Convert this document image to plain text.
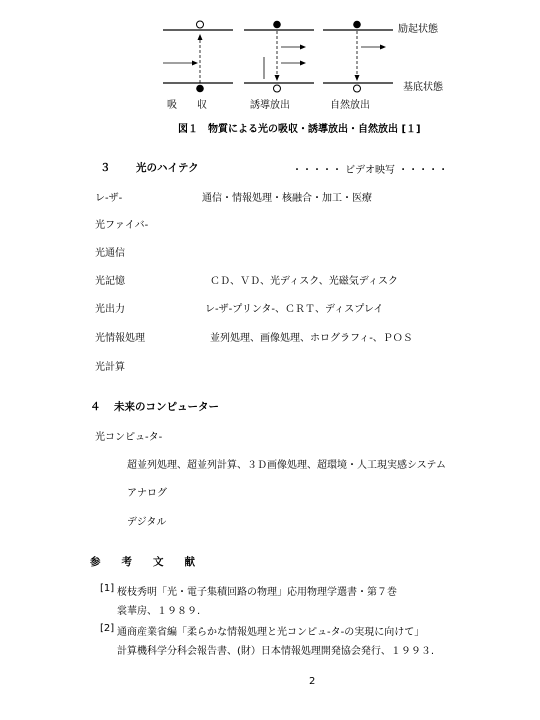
励起状態
基底状態
吸　　収	誘導放出	自然放出
図１　物質による光の吸収・誘導放出・自然放出 [１]
３ 光のハイテク	・・・・・ ビデオ映写 ・・・・・
レ‐ザ‐	通信・情報処理・核融合・加工・医療
光ファイバ‐
光通信
光記憶	ＣＤ、ＶＤ、光ディスク、光磁気ディスク
光出力	レ‐ザ‐プリンタ‐、ＣＲＴ、ディスプレイ
光情報処理	並列処理、画像処理、ホログラフィ‐、ＰＯＳ
光計算
４ 未来のコンピューター
光コンピュ‐タ‐
超並列処理、超並列計算、３Ｄ画像処理、超環境・人工現実感システム
アナログ
デジタル
参　　考　　文　　献
[1] 桜枝秀明「光・電子集積回路の物理」応用物理学選書・第７巻
裳華房、１９８９.
[2] 通商産業省編「柔らかな情報処理と光コンピュ‐タ‐の実現に向けて」
計算機科学分科会報告書、(財）日本情報処理開発協会発行、１９９３.
2
